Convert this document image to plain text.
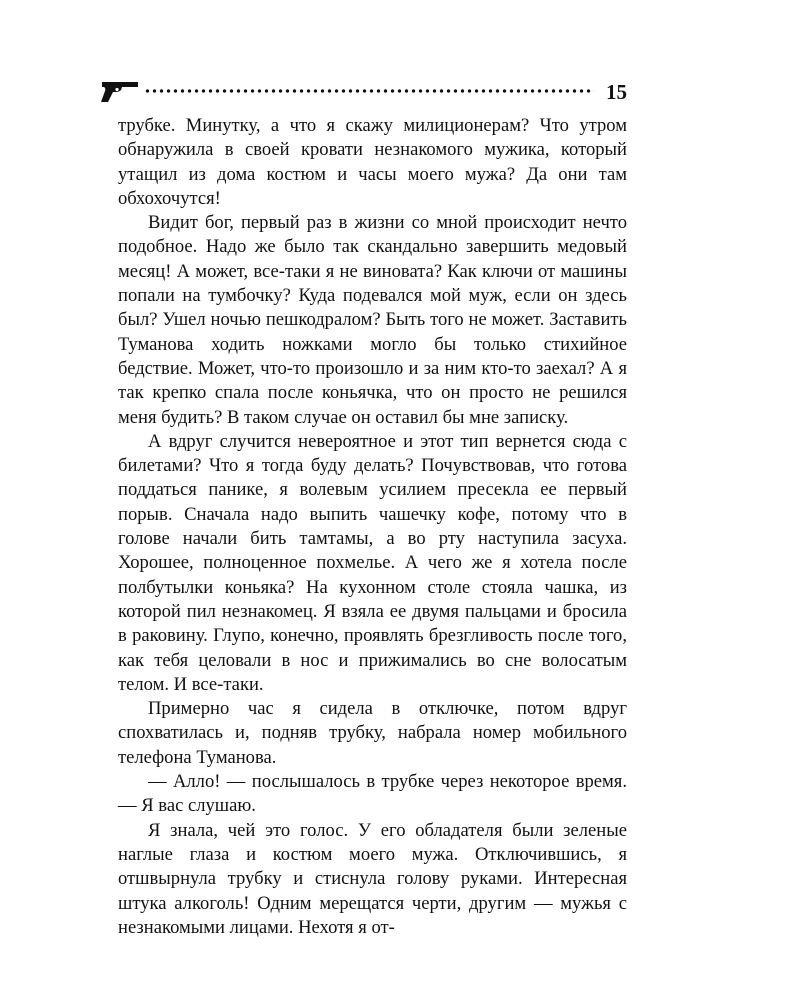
15

трубке. Минутку, а что я скажу милиционерам? Что утром обнаружила в своей кровати незнакомого мужика, который утащил из дома костюм и часы моего мужа? Да они там обхохочутся!

Видит бог, первый раз в жизни со мной происходит нечто подобное. Надо же было так скандально завершить медовый месяц! А может, все-таки я не виновата? Как ключи от машины попали на тумбочку? Куда подевался мой муж, если он здесь был? Ушел ночью пешкодралом? Быть того не может. Заставить Туманова ходить ножками могло бы только стихийное бедствие. Может, что-то произошло и за ним кто-то заехал? А я так крепко спала после коньячка, что он просто не решился меня будить? В таком случае он оставил бы мне записку.

А вдруг случится невероятное и этот тип вернется сюда с билетами? Что я тогда буду делать? Почувствовав, что готова поддаться панике, я волевым усилием пресекла ее первый порыв. Сначала надо выпить чашечку кофе, потому что в голове начали бить тамтамы, а во рту наступила засуха. Хорошее, полноценное похмелье. А чего же я хотела после полбутылки коньяка? На кухонном столе стояла чашка, из которой пил незнакомец. Я взяла ее двумя пальцами и бросила в раковину. Глупо, конечно, проявлять брезгливость после того, как тебя целовали в нос и прижимались во сне волосатым телом. И все-таки.

Примерно час я сидела в отключке, потом вдруг спохватилась и, подняв трубку, набрала номер мобильного телефона Туманова.

— Алло! — послышалось в трубке через некоторое время. — Я вас слушаю.

Я знала, чей это голос. У его обладателя были зеленые наглые глаза и костюм моего мужа. Отключившись, я отшвырнула трубку и стиснула голову руками. Интересная штука алкоголь! Одним мерещатся черти, другим — мужья с незнакомыми лицами. Нехотя я от-
